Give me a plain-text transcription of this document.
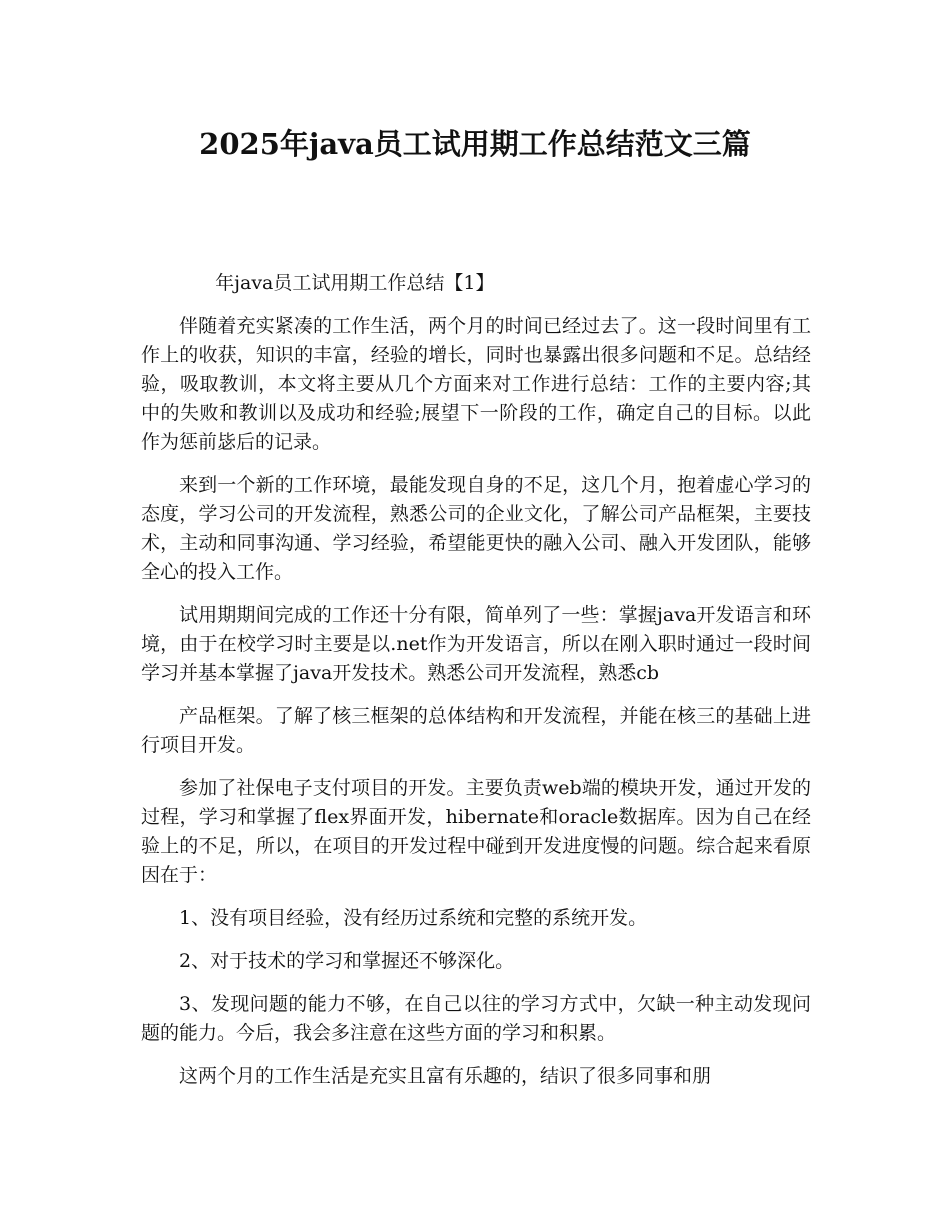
2025年java员工试用期工作总结范文三篇

年java员工试用期工作总结【1】

伴随着充实紧凑的工作生活，两个月的时间已经过去了。这一段时间里有工作上的收获，知识的丰富，经验的增长，同时也暴露出很多问题和不足。总结经验，吸取教训，本文将主要从几个方面来对工作进行总结：工作的主要内容;其中的失败和教训以及成功和经验;展望下一阶段的工作，确定自己的目标。以此作为惩前毖后的记录。

来到一个新的工作环境，最能发现自身的不足，这几个月，抱着虚心学习的态度，学习公司的开发流程，熟悉公司的企业文化，了解公司产品框架，主要技术，主动和同事沟通、学习经验，希望能更快的融入公司、融入开发团队，能够全心的投入工作。

试用期期间完成的工作还十分有限，简单列了一些：掌握java开发语言和环境，由于在校学习时主要是以.net作为开发语言，所以在刚入职时通过一段时间学习并基本掌握了java开发技术。熟悉公司开发流程，熟悉cb

产品框架。了解了核三框架的总体结构和开发流程，并能在核三的基础上进行项目开发。

参加了社保电子支付项目的开发。主要负责web端的模块开发，通过开发的过程，学习和掌握了flex界面开发，hibernate和oracle数据库。因为自己在经验上的不足，所以，在项目的开发过程中碰到开发进度慢的问题。综合起来看原因在于：

1、没有项目经验，没有经历过系统和完整的系统开发。

2、对于技术的学习和掌握还不够深化。

3、发现问题的能力不够，在自己以往的学习方式中，欠缺一种主动发现问题的能力。今后，我会多注意在这些方面的学习和积累。

这两个月的工作生活是充实且富有乐趣的，结识了很多同事和朋
